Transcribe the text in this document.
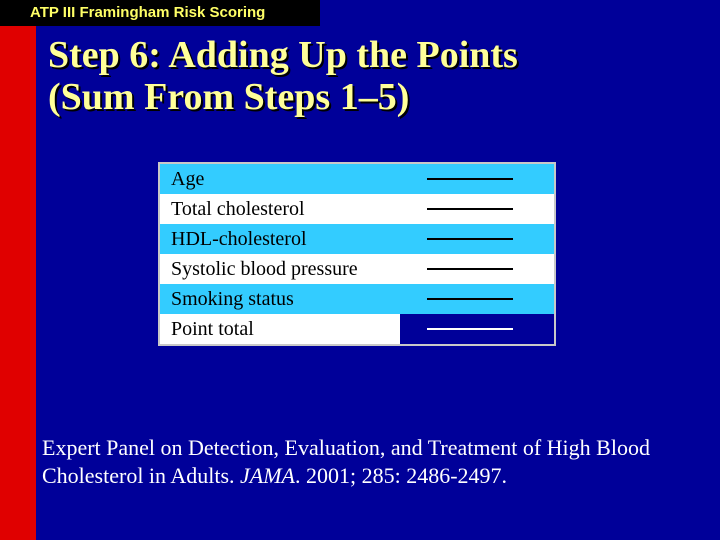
ATP III Framingham Risk Scoring
Step 6: Adding Up the Points
(Sum From Steps 1–5)
Age
Total cholesterol
HDL-cholesterol
Systolic blood pressure
Smoking status
Point total
Expert Panel on Detection, Evaluation, and Treatment of High Blood
Cholesterol in Adults. JAMA. 2001; 285: 2486-2497.
